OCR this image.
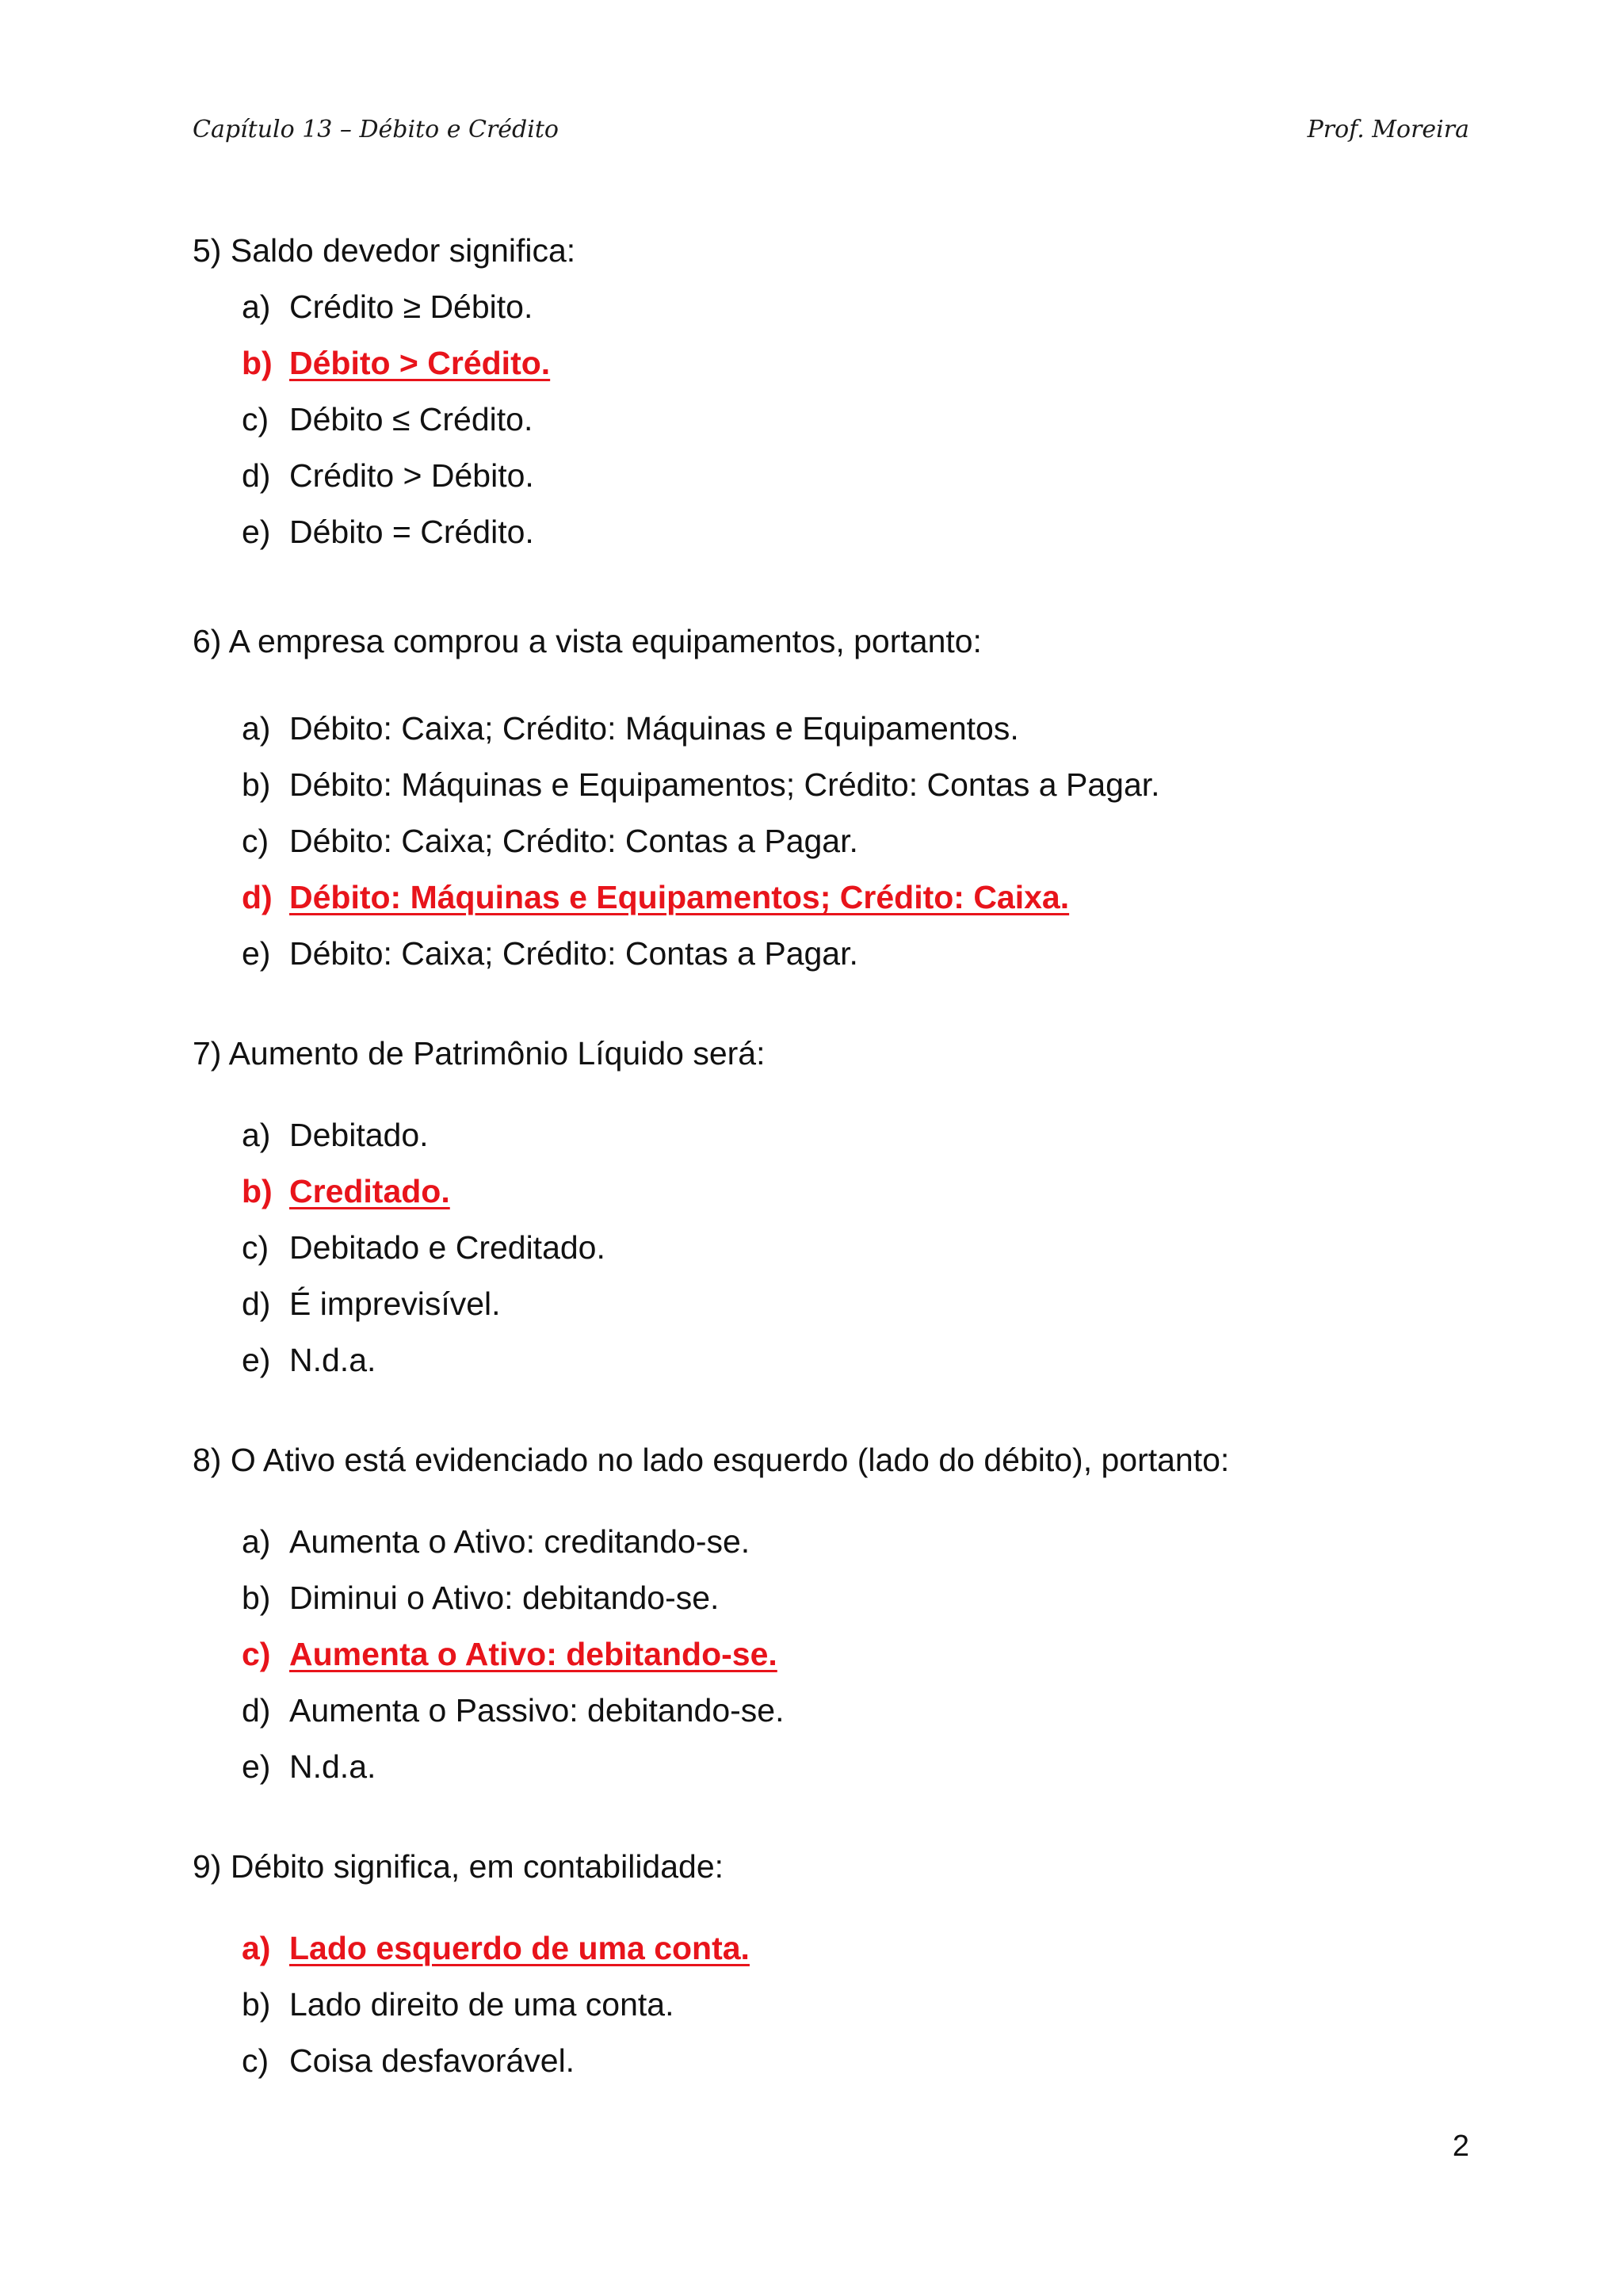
Capítulo 13 – Débito e Crédito	Prof. Moreira
5) Saldo devedor significa:
a) Crédito ≥ Débito.
b) Débito > Crédito.
c) Débito ≤ Crédito.
d) Crédito > Débito.
e) Débito = Crédito.
6) A empresa comprou a vista equipamentos, portanto:
a) Débito: Caixa; Crédito: Máquinas e Equipamentos.
b) Débito: Máquinas e Equipamentos; Crédito: Contas a Pagar.
c) Débito: Caixa; Crédito: Contas a Pagar.
d) Débito: Máquinas e Equipamentos; Crédito: Caixa.
e) Débito: Caixa; Crédito: Contas a Pagar.
7) Aumento de Patrimônio Líquido será:
a) Debitado.
b) Creditado.
c) Debitado e Creditado.
d) É imprevisível.
e) N.d.a.
8) O Ativo está evidenciado no lado esquerdo (lado do débito), portanto:
a) Aumenta o Ativo: creditando-se.
b) Diminui o Ativo: debitando-se.
c) Aumenta o Ativo: debitando-se.
d) Aumenta o Passivo: debitando-se.
e) N.d.a.
9) Débito significa, em contabilidade:
a) Lado esquerdo de uma conta.
b) Lado direito de uma conta.
c) Coisa desfavorável.
2
